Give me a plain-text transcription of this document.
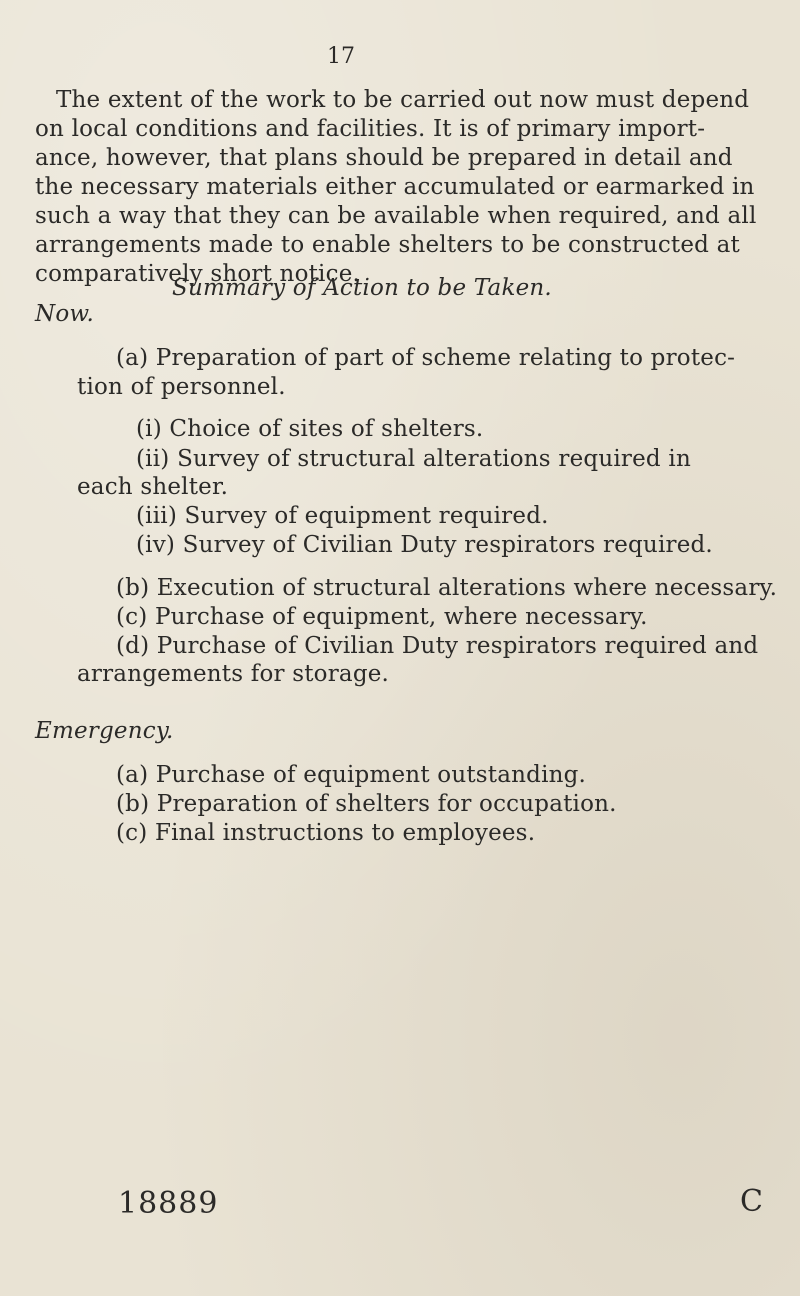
17
The extent of the work to be carried out now must depend
on local conditions and facilities. It is of primary import-
ance, however, that plans should be prepared in detail and
the necessary materials either accumulated or earmarked in
such a way that they can be available when required, and all
arrangements made to enable shelters to be constructed at
comparatively short notice.
Summary of Action to be Taken.
Now.
(a) Preparation of part of scheme relating to protec-
tion of personnel.
(i) Choice of sites of shelters.
(ii) Survey of structural alterations required in
each shelter.
(iii) Survey of equipment required.
(iv) Survey of Civilian Duty respirators required.
(b) Execution of structural alterations where necessary.
(c) Purchase of equipment, where necessary.
(d) Purchase of Civilian Duty respirators required and
arrangements for storage.
Emergency.
(a) Purchase of equipment outstanding.
(b) Preparation of shelters for occupation.
(c) Final instructions to employees.
18889	C
